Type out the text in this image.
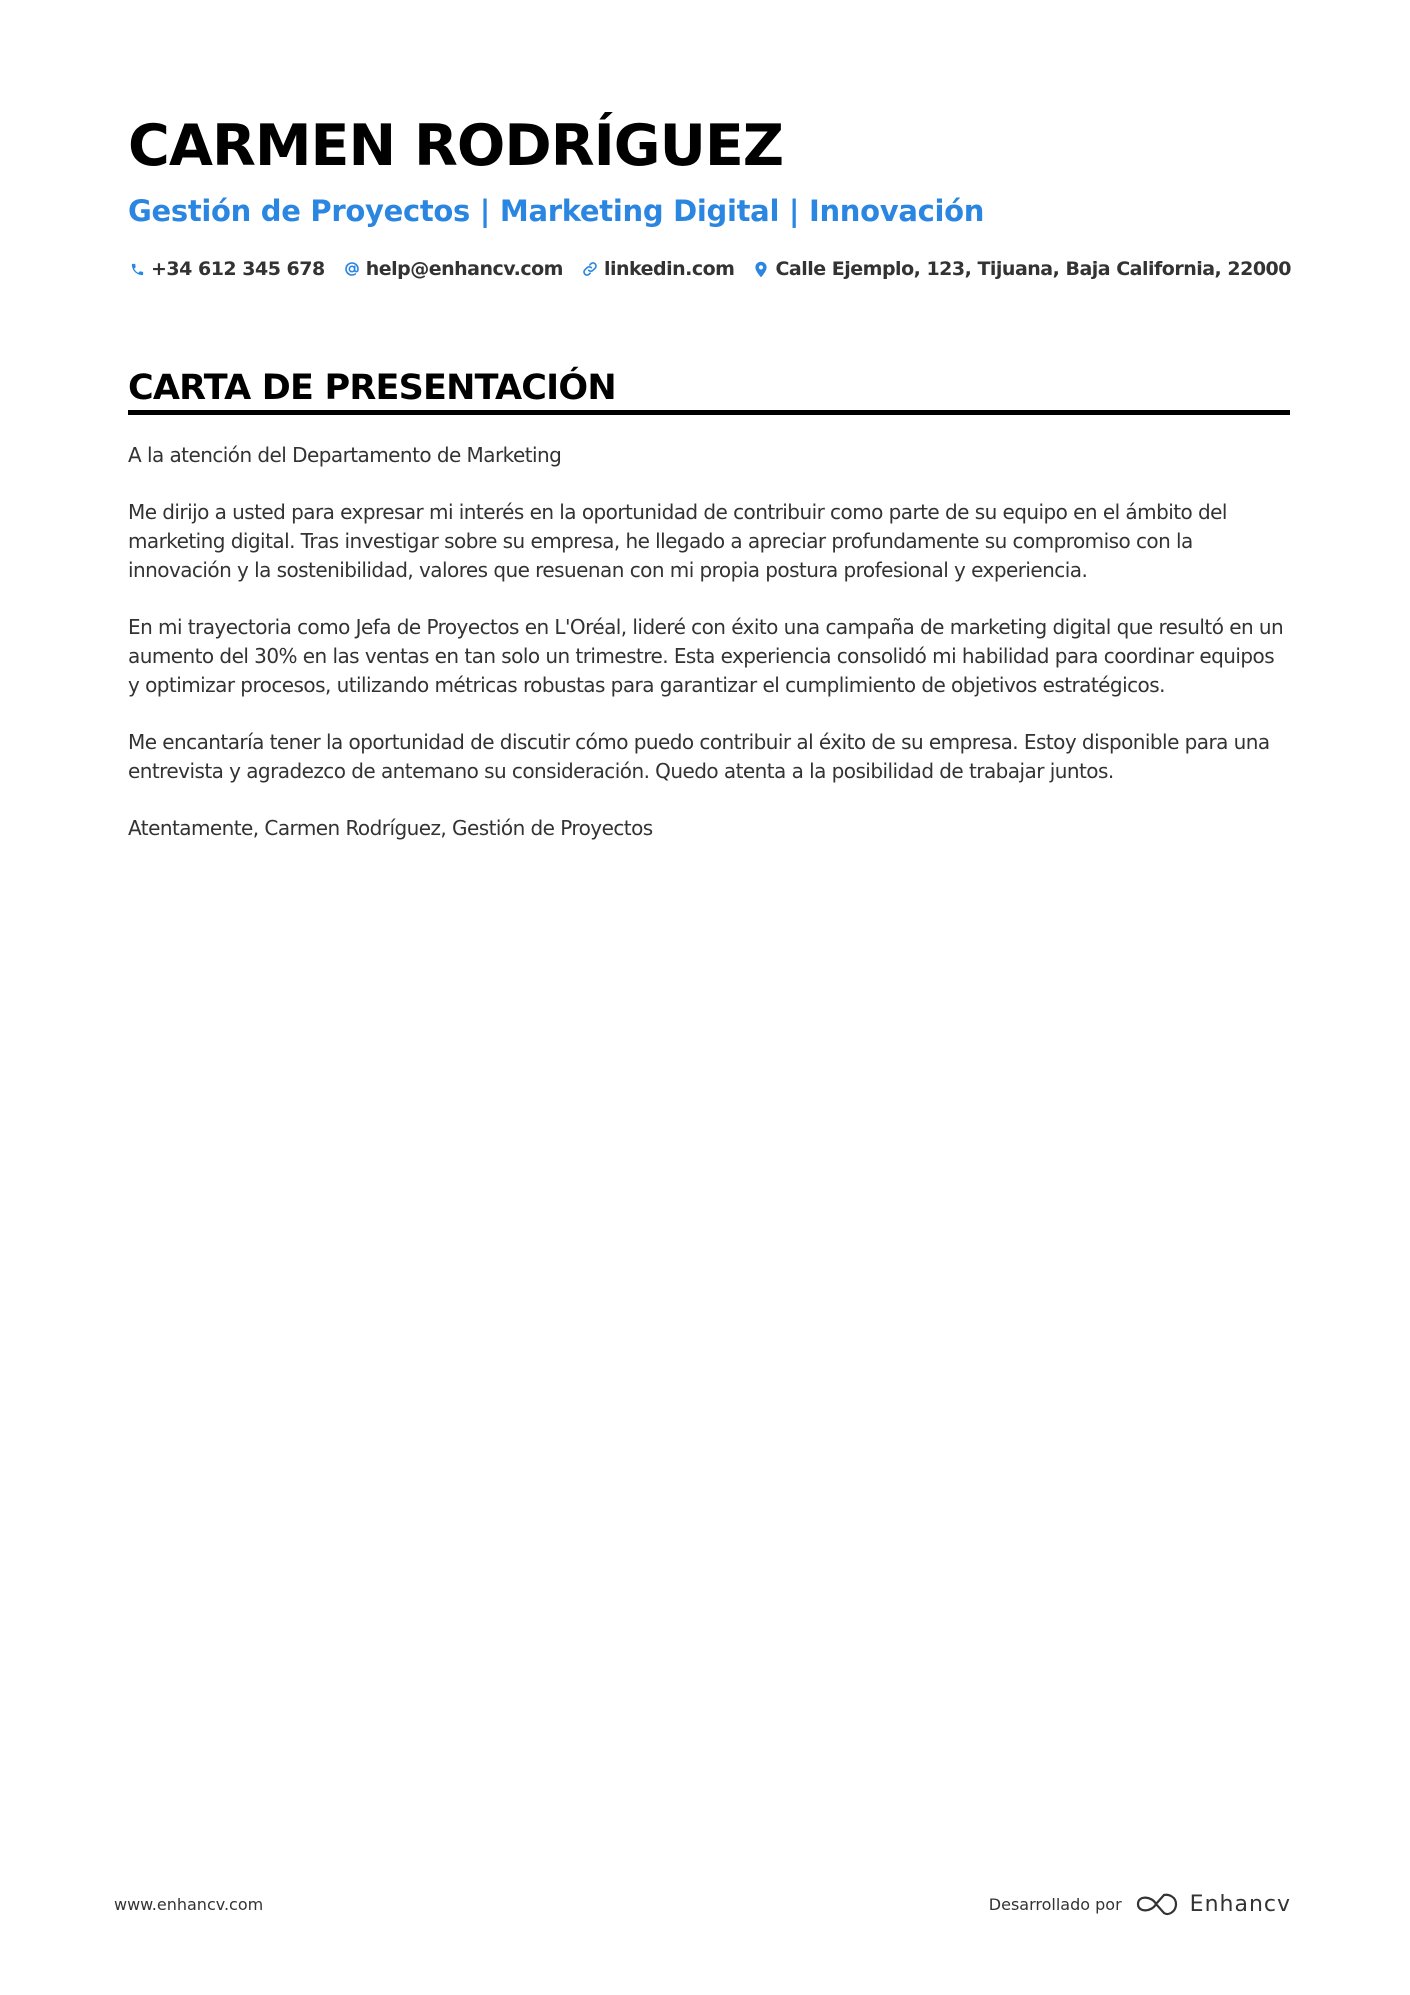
CARMEN RODRÍGUEZ
Gestión de Proyectos | Marketing Digital | Innovación
+34 612 345 678 help@enhancv.com linkedin.com Calle Ejemplo, 123, Tijuana, Baja California, 22000
CARTA DE PRESENTACIÓN

A la atención del Departamento de Marketing

Me dirijo a usted para expresar mi interés en la oportunidad de contribuir como parte de su equipo en el ámbito del marketing digital. Tras investigar sobre su empresa, he llegado a apreciar profundamente su compromiso con la innovación y la sostenibilidad, valores que resuenan con mi propia postura profesional y experiencia.

En mi trayectoria como Jefa de Proyectos en L'Oréal, lideré con éxito una campaña de marketing digital que resultó en un aumento del 30% en las ventas en tan solo un trimestre. Esta experiencia consolidó mi habilidad para coordinar equipos y optimizar procesos, utilizando métricas robustas para garantizar el cumplimiento de objetivos estratégicos.

Me encantaría tener la oportunidad de discutir cómo puedo contribuir al éxito de su empresa. Estoy disponible para una entrevista y agradezco de antemano su consideración. Quedo atenta a la posibilidad de trabajar juntos.

Atentamente, Carmen Rodríguez, Gestión de Proyectos

www.enhancv.com	Desarrollado por	Enhancv
